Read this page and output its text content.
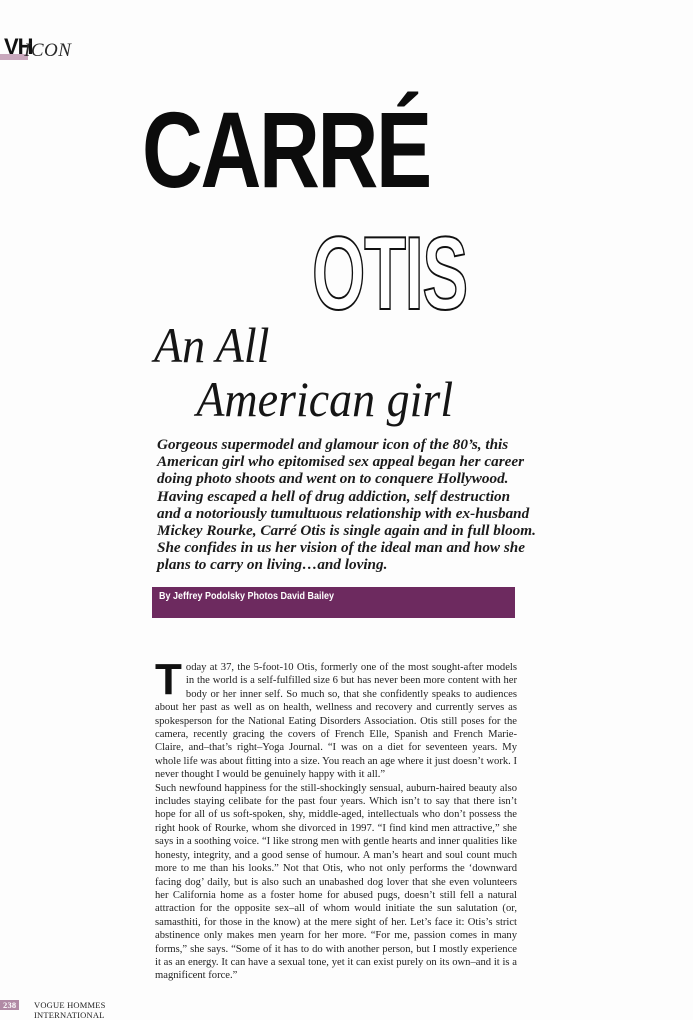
VH
ICON
CARRÉ
OTIS
An All
American girl
Gorgeous supermodel and glamour icon of the 80’s, this American girl who epitomised sex appeal began her career doing photo shoots and went on to conquere Hollywood. Having escaped a hell of drug addiction, self destruction and a notoriously tumultuous relationship with ex-husband Mickey Rourke, Carré Otis is single again and in full bloom. She confides in us her vision of the ideal man and how she plans to carry on living…and loving.
By Jeffrey Podolsky Photos David Bailey
T oday at 37, the 5-foot-10 Otis, formerly one of the most sought-after models in the world is a self-fulfilled size 6 but has never been more content with her body or her inner self. So much so, that she confidently speaks to audiences about her past as well as on health, wellness and recovery and currently serves as spokesperson for the National Eating Disorders Association. Otis still poses for the camera, recently gracing the covers of French Elle, Spanish and French Marie-Claire, and–that’s right–Yoga Journal. “I was on a diet for seventeen years. My whole life was about fitting into a size. You reach an age where it just doesn’t work. I never thought I would be genuinely happy with it all.”

Such newfound happiness for the still-shockingly sensual, auburn-haired beauty also includes staying celibate for the past four years. Which isn’t to say that there isn’t hope for all of us soft-spoken, shy, middle-aged, intellectuals who don’t possess the right hook of Rourke, whom she divorced in 1997. “I find kind men attractive,” she says in a soothing voice. “I like strong men with gentle hearts and inner qualities like honesty, integrity, and a good sense of humour. A man’s heart and soul count much more to me than his looks.” Not that Otis, who not only performs the ‘downward facing dog’ daily, but is also such an unabashed dog lover that she even volunteers her California home as a foster home for abused pugs, doesn’t still fell a natural attraction for the opposite sex–all of whom would initiate the sun salutation (or, samasthiti, for those in the know) at the mere sight of her. Let’s face it: Otis’s strict abstinence only makes men yearn for her more. “For me, passion comes in many forms,” she says. “Some of it has to do with another person, but I mostly experience it as an energy. It can have a sexual tone, yet it can exist purely on its own–and it is a magnificent force.”

238	VOGUE HOMMES INTERNATIONAL
